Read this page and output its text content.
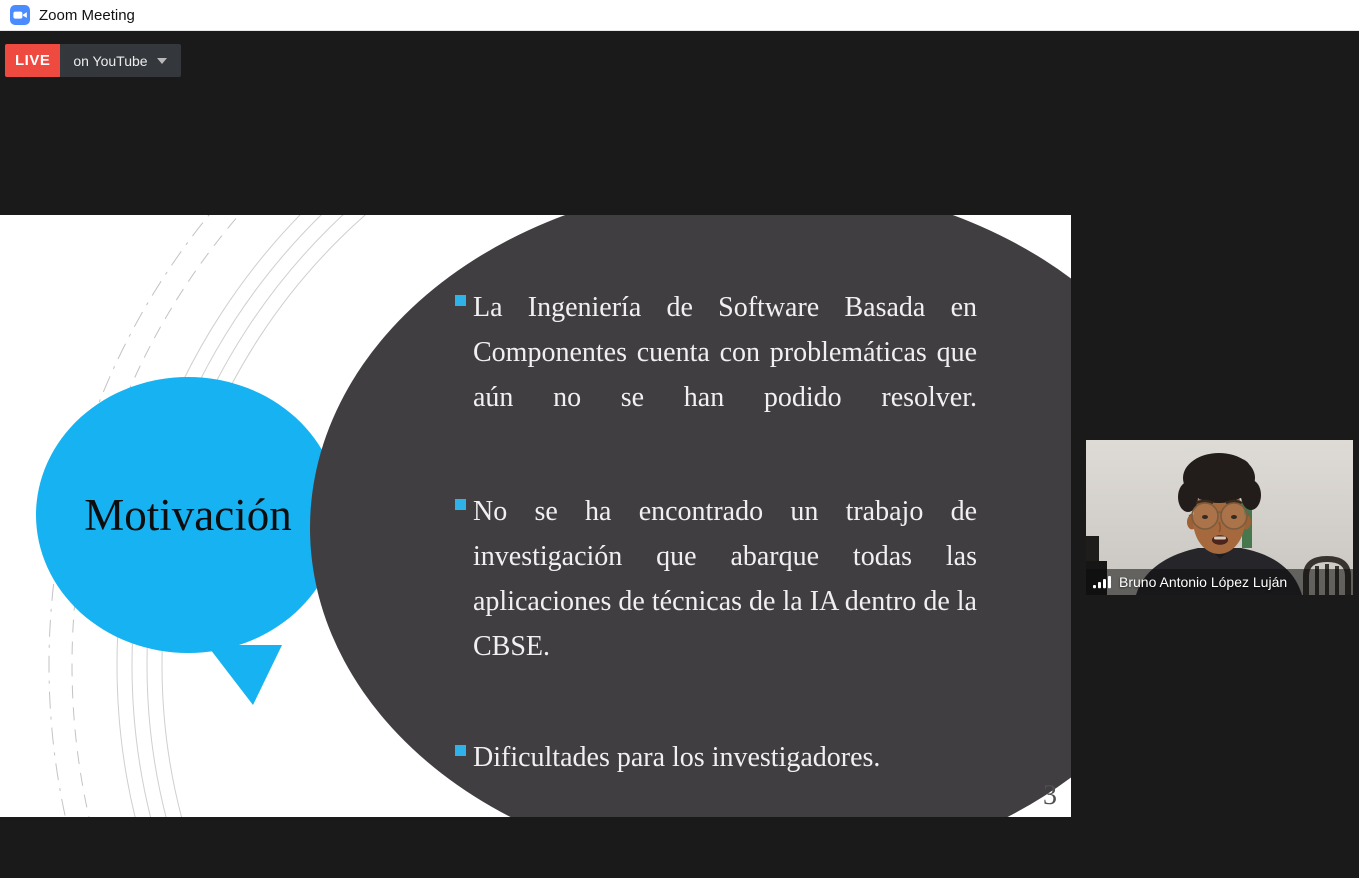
Zoom Meeting
LIVE	on YouTube
Motivación
La Ingeniería de Software Basada en Componentes cuenta con problemáticas que aún no se han podido resolver.
No se ha encontrado un trabajo de investigación que abarque todas las aplicaciones de técnicas de la IA dentro de la CBSE.
Dificultades para los investigadores.
3
Bruno Antonio López Luján
